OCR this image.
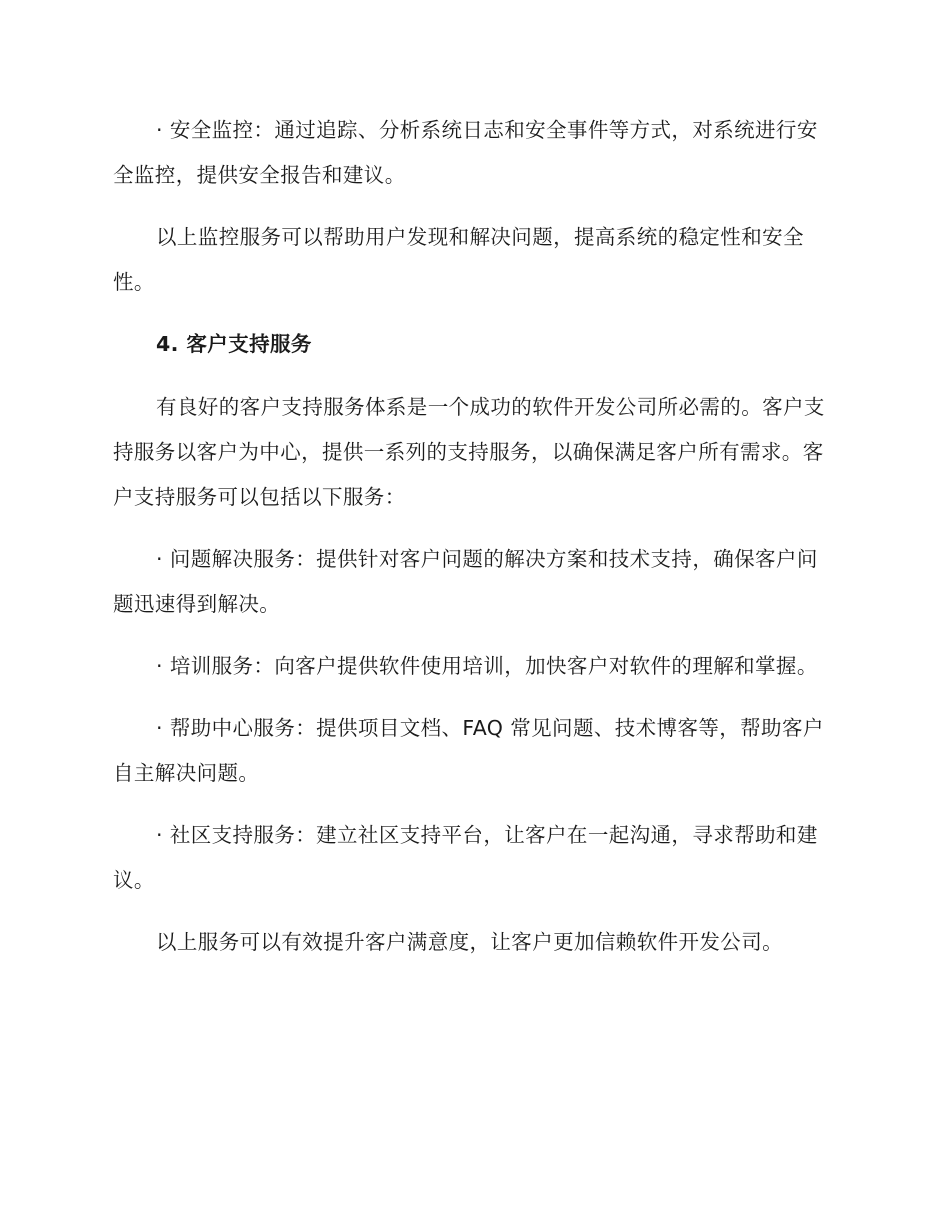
· 安全监控：通过追踪、分析系统日志和安全事件等方式，对系统进行安全监控，提供安全报告和建议。

以上监控服务可以帮助用户发现和解决问题，提高系统的稳定性和安全性。

4. 客户支持服务

有良好的客户支持服务体系是一个成功的软件开发公司所必需的。客户支持服务以客户为中心，提供一系列的支持服务，以确保满足客户所有需求。客户支持服务可以包括以下服务：

· 问题解决服务：提供针对客户问题的解决方案和技术支持，确保客户问题迅速得到解决。

· 培训服务：向客户提供软件使用培训，加快客户对软件的理解和掌握。

· 帮助中心服务：提供项目文档、FAQ 常见问题、技术博客等，帮助客户自主解决问题。

· 社区支持服务：建立社区支持平台，让客户在一起沟通，寻求帮助和建议。

以上服务可以有效提升客户满意度，让客户更加信赖软件开发公司。
